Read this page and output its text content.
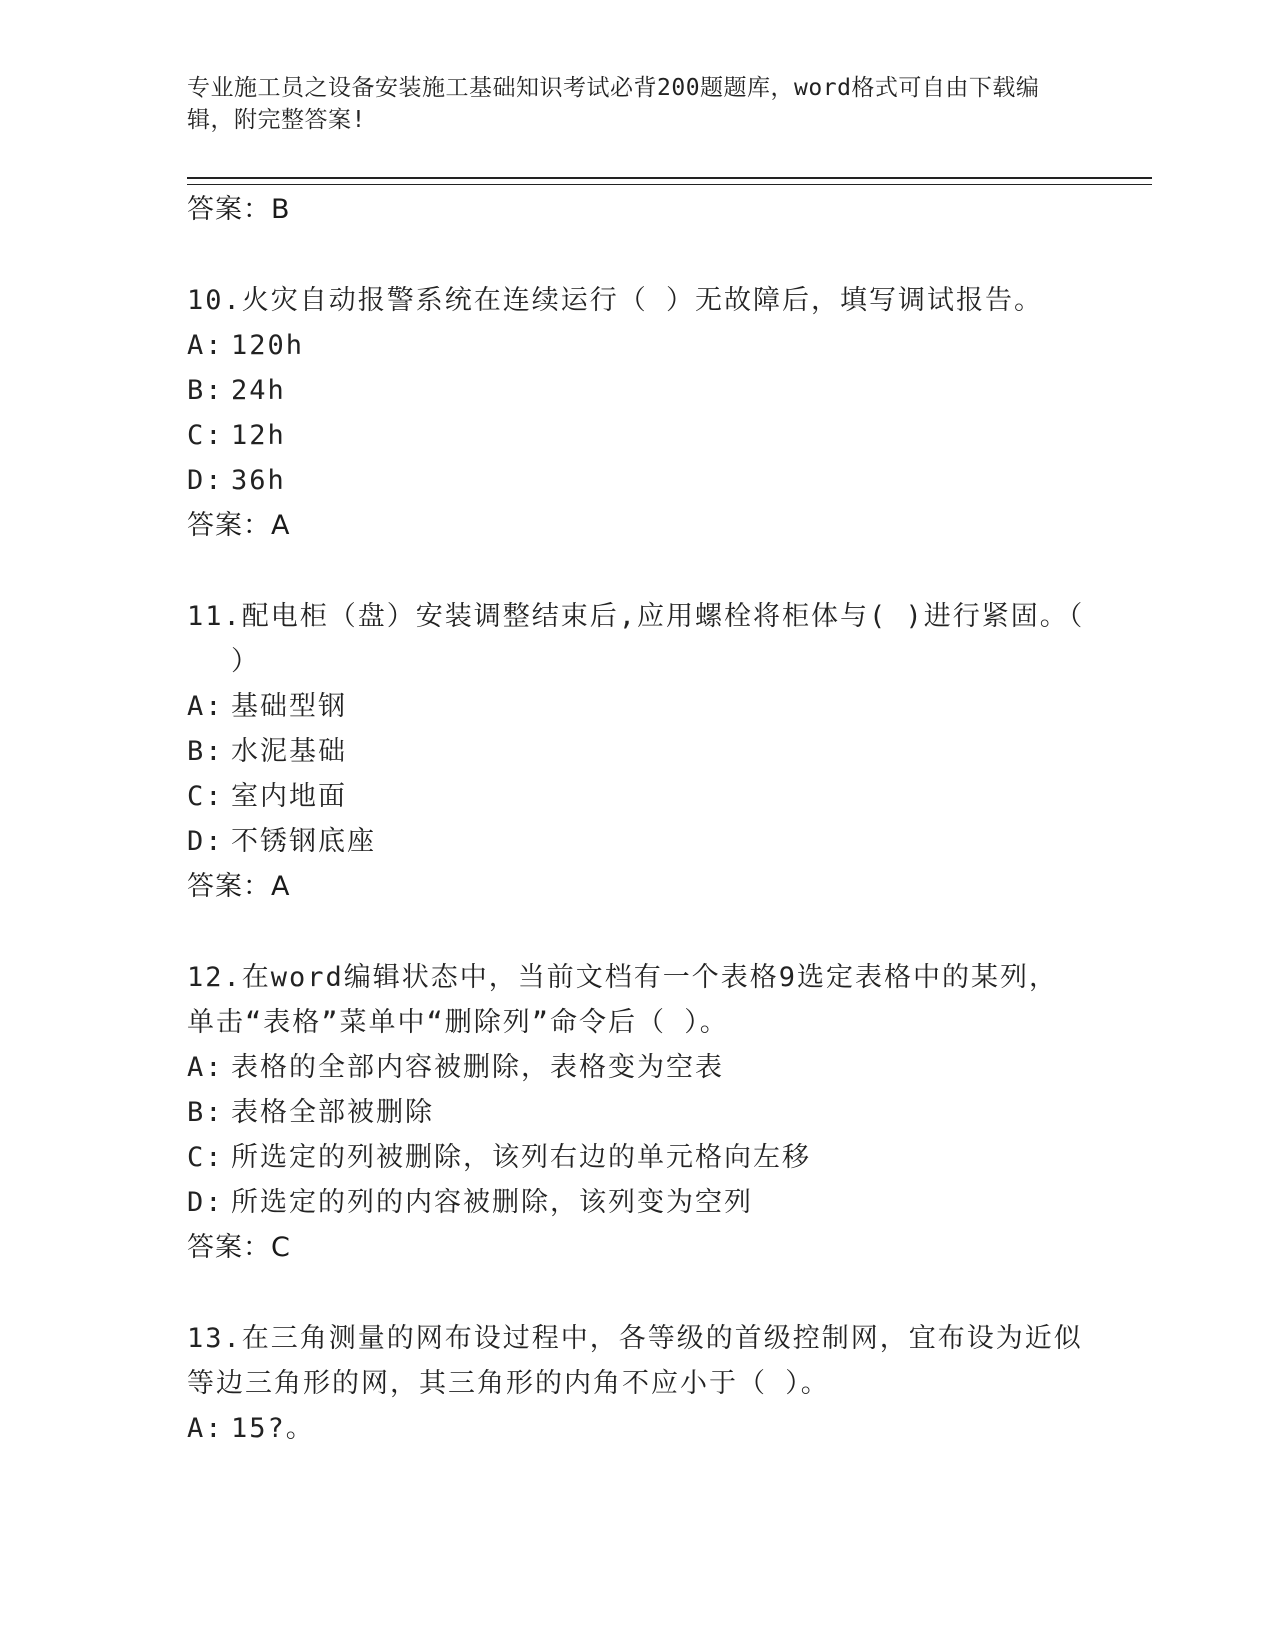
专业施工员之设备安装施工基础知识考试必背200题题库，word格式可自由下载编辑，附完整答案!
答案：B
10.火灾自动报警系统在连续运行（ ）无故障后，填写调试报告。
A: 120h
B: 24h
C: 12h
D: 36h
答案：A
11.配电柜（盘）安装调整结束后,应用螺栓将柜体与( )进行紧固。（ ）
A: 基础型钢
B: 水泥基础
C: 室内地面
D: 不锈钢底座
答案：A
12.在word编辑状态中，当前文档有一个表格9选定表格中的某列，单击“表格”菜单中“删除列”命令后（ ）。
A: 表格的全部内容被删除，表格变为空表
B: 表格全部被删除
C: 所选定的列被删除，该列右边的单元格向左移
D: 所选定的列的内容被删除，该列变为空列
答案：C
13.在三角测量的网布设过程中，各等级的首级控制网，宜布设为近似等边三角形的网，其三角形的内角不应小于（ ）。
A: 15?。
